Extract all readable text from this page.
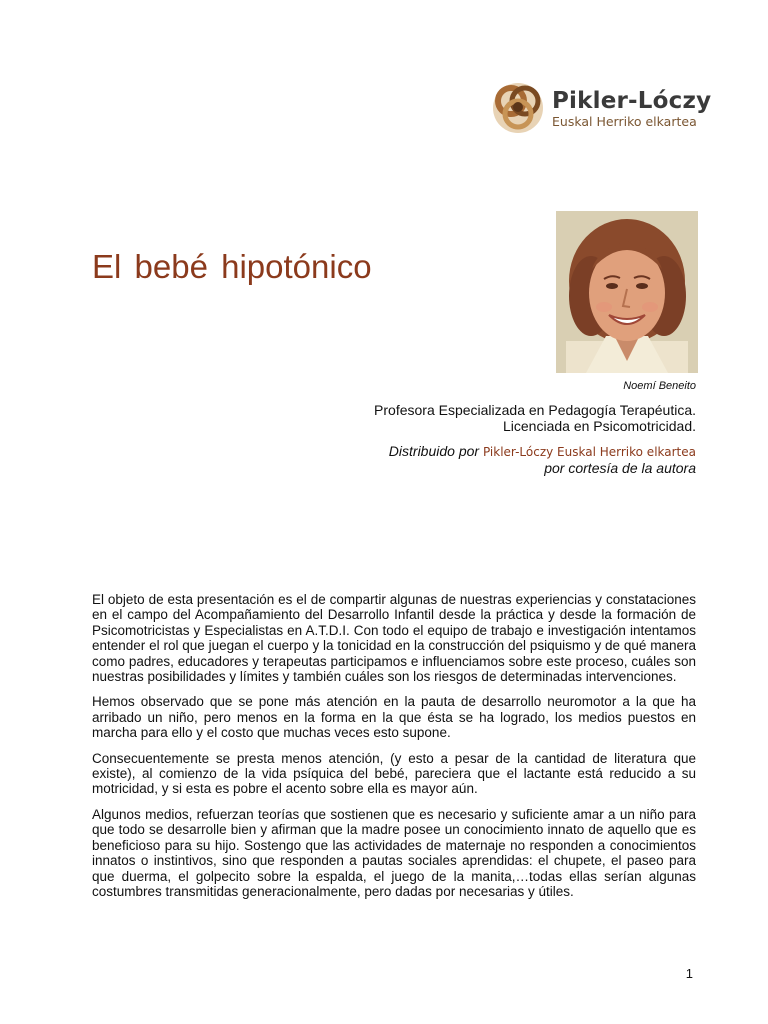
Pikler-Lóczy
Euskal Herriko elkartea
El bebé hipotónico
Noemí Beneito
Profesora Especializada en Pedagogía Terapéutica.
Licenciada en Psicomotricidad.
Distribuido por Pikler-Lóczy Euskal Herriko elkartea
por cortesía de la autora

El objeto de esta presentación es el de compartir algunas de nuestras experiencias y constataciones en el campo del Acompañamiento del Desarrollo Infantil desde la práctica y desde la formación de Psicomotricistas y Especialistas en A.T.D.I. Con todo el equipo de trabajo e investigación intentamos entender el rol que juegan el cuerpo y la tonicidad en la construcción del psiquismo y de qué manera como padres, educadores y terapeutas participamos e influenciamos sobre este proceso, cuáles son nuestras posibilidades y límites y también cuáles son los riesgos de determinadas intervenciones.

Hemos observado que se pone más atención en la pauta de desarrollo neuromotor a la que ha arribado un niño, pero menos en la forma en la que ésta se ha logrado, los medios puestos en marcha para ello y el costo que muchas veces esto supone.

Consecuentemente se presta menos atención, (y esto a pesar de la cantidad de literatura que existe), al comienzo de la vida psíquica del bebé, pareciera que el lactante está reducido a su motricidad, y si esta es pobre el acento sobre ella es mayor aún.

Algunos medios, refuerzan teorías que sostienen que es necesario y suficiente amar a un niño para que todo se desarrolle bien y afirman que la madre posee un conocimiento innato de aquello que es beneficioso para su hijo. Sostengo que las actividades de maternaje no responden a conocimientos innatos o instintivos, sino que responden a pautas sociales aprendidas: el chupete, el paseo para que duerma, el golpecito sobre la espalda, el juego de la manita,…todas ellas serían algunas costumbres transmitidas generacionalmente, pero dadas por necesarias y útiles.

1
